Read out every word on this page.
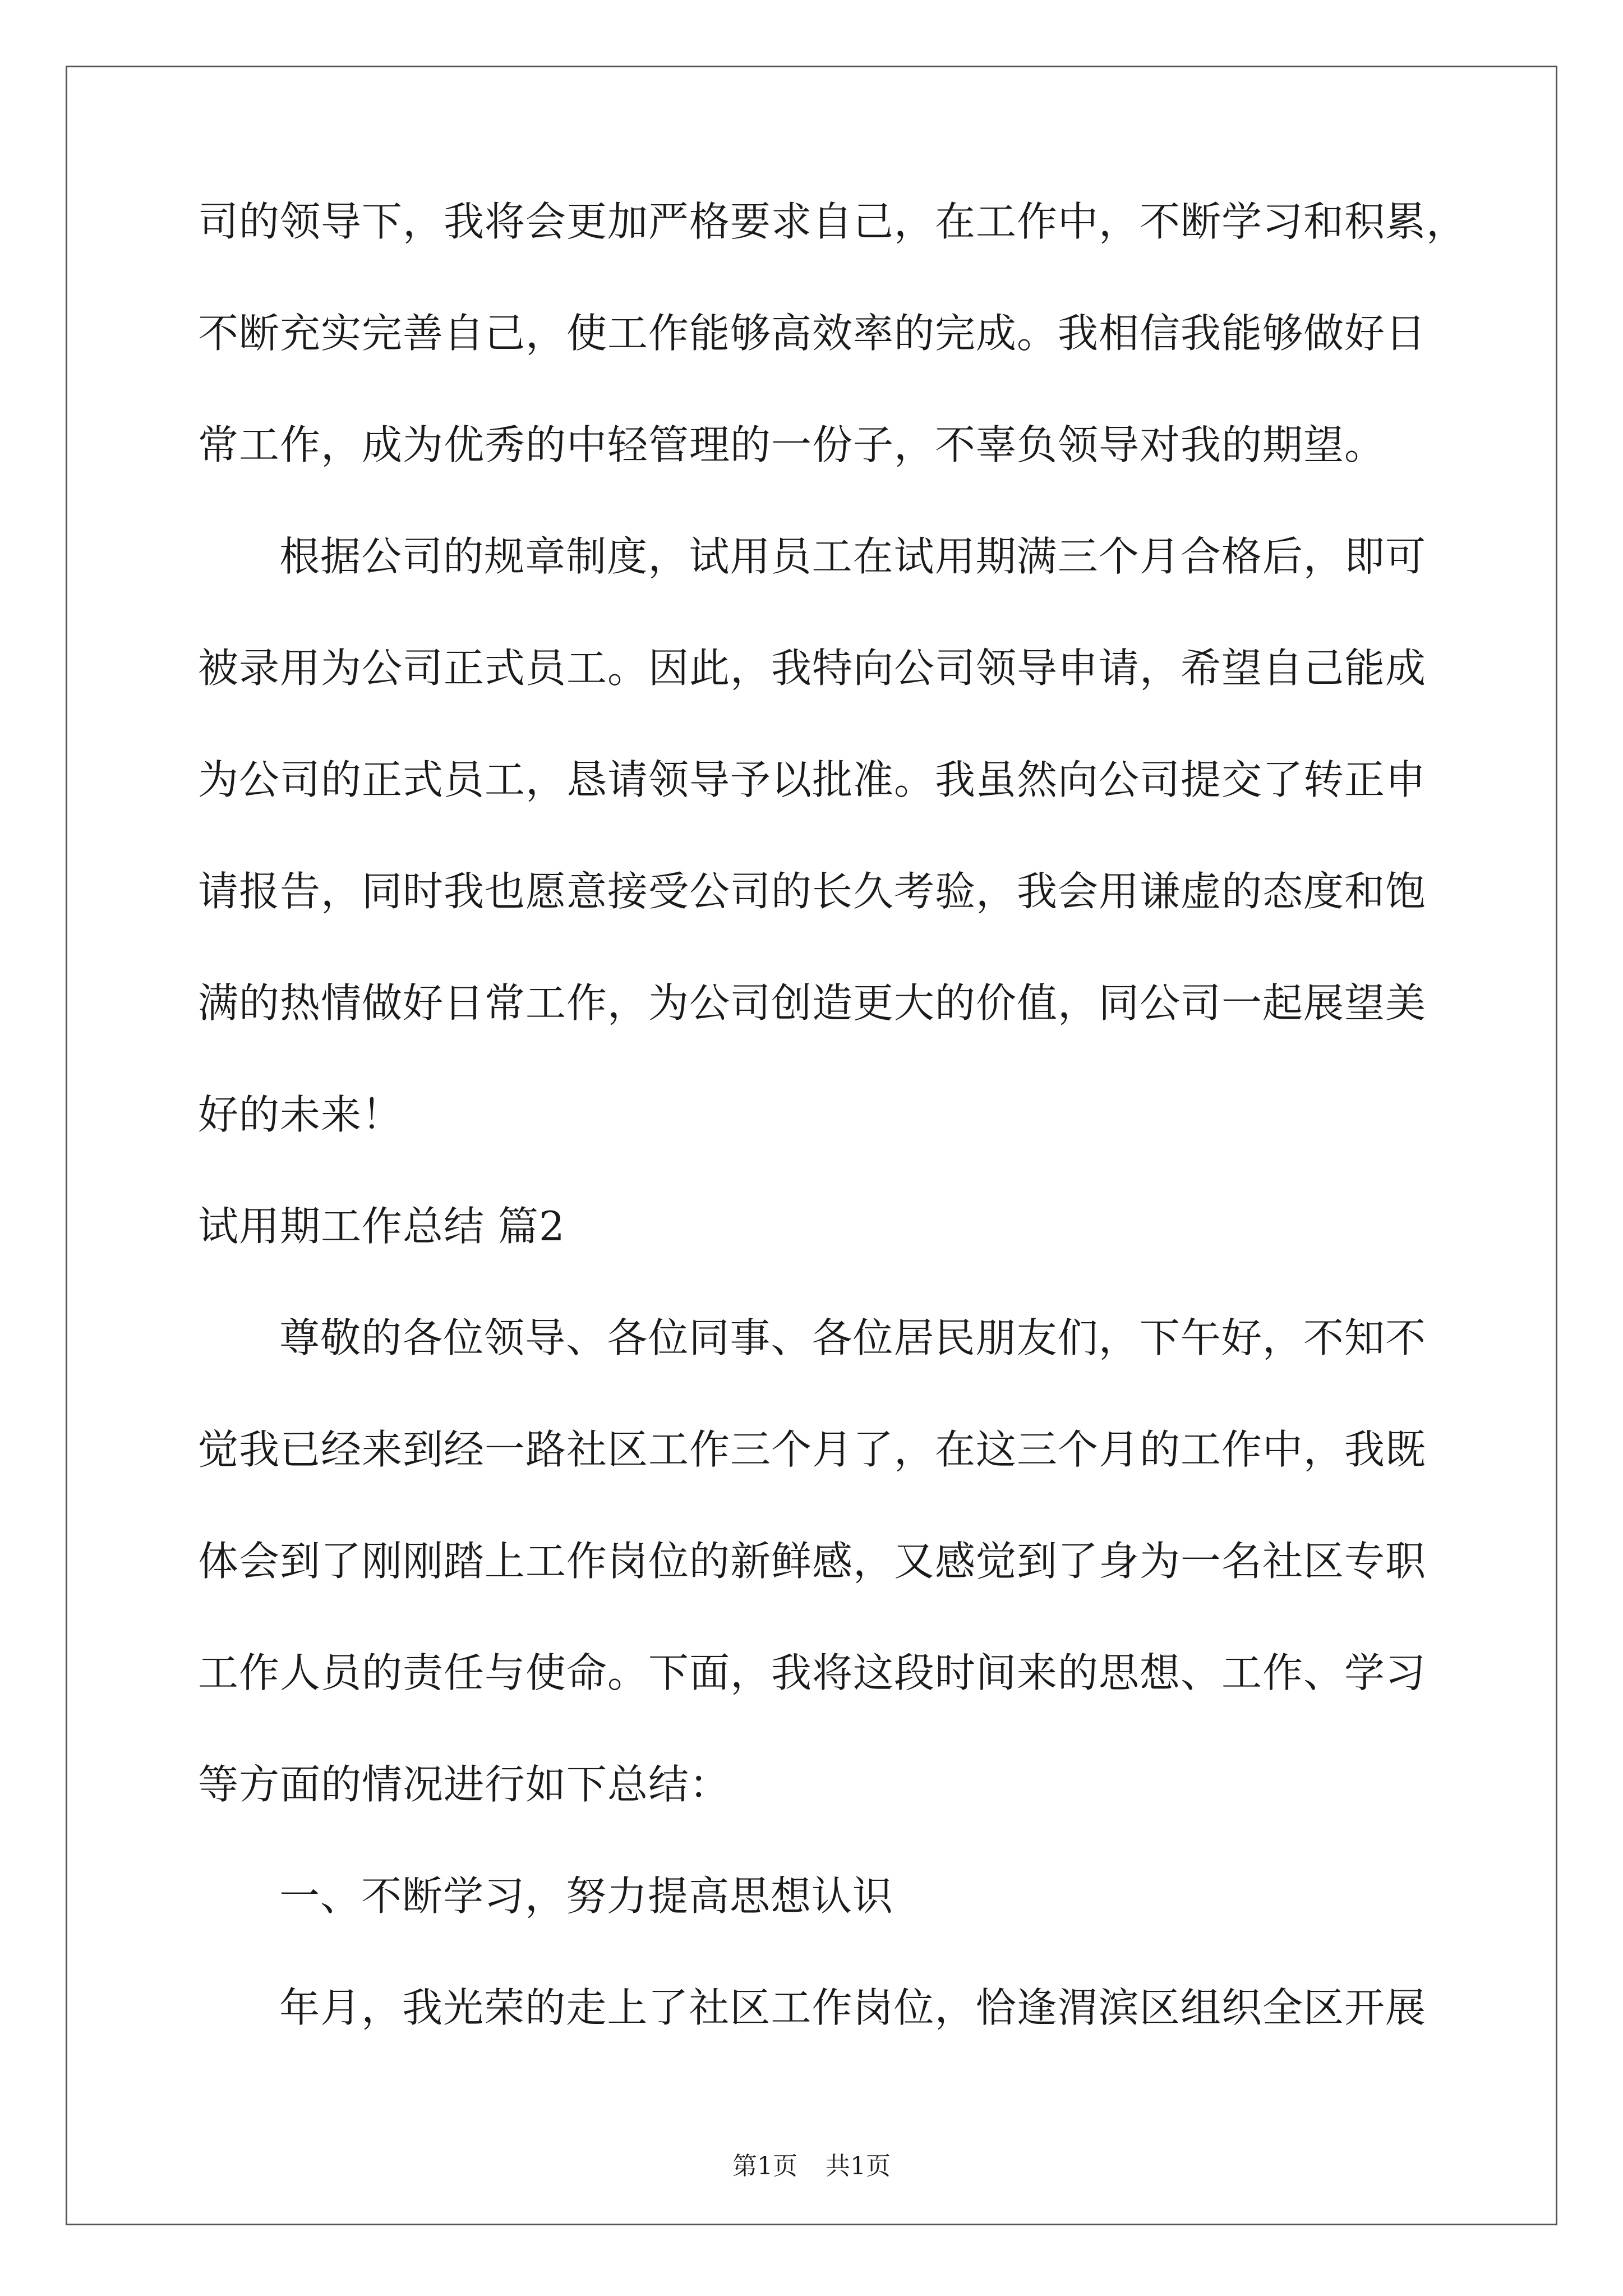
司的领导下，我将会更加严格要求自己，在工作中，不断学习和积累，
不断充实完善自己，使工作能够高效率的完成。我相信我能够做好日
常工作，成为优秀的中轻管理的一份子，不辜负领导对我的期望。
根据公司的规章制度，试用员工在试用期满三个月合格后，即可
被录用为公司正式员工。因此，我特向公司领导申请，希望自己能成
为公司的正式员工，恳请领导予以批准。我虽然向公司提交了转正申
请报告，同时我也愿意接受公司的长久考验，我会用谦虚的态度和饱
满的热情做好日常工作，为公司创造更大的价值，同公司一起展望美
好的未来！
试用期工作总结 篇2
尊敬的各位领导、各位同事、各位居民朋友们，下午好，不知不
觉我已经来到经一路社区工作三个月了，在这三个月的工作中，我既
体会到了刚刚踏上工作岗位的新鲜感，又感觉到了身为一名社区专职
工作人员的责任与使命。下面，我将这段时间来的思想、工作、学习
等方面的情况进行如下总结：
一、不断学习，努力提高思想认识
年月，我光荣的走上了社区工作岗位，恰逢渭滨区组织全区开展
第1页 共1页
